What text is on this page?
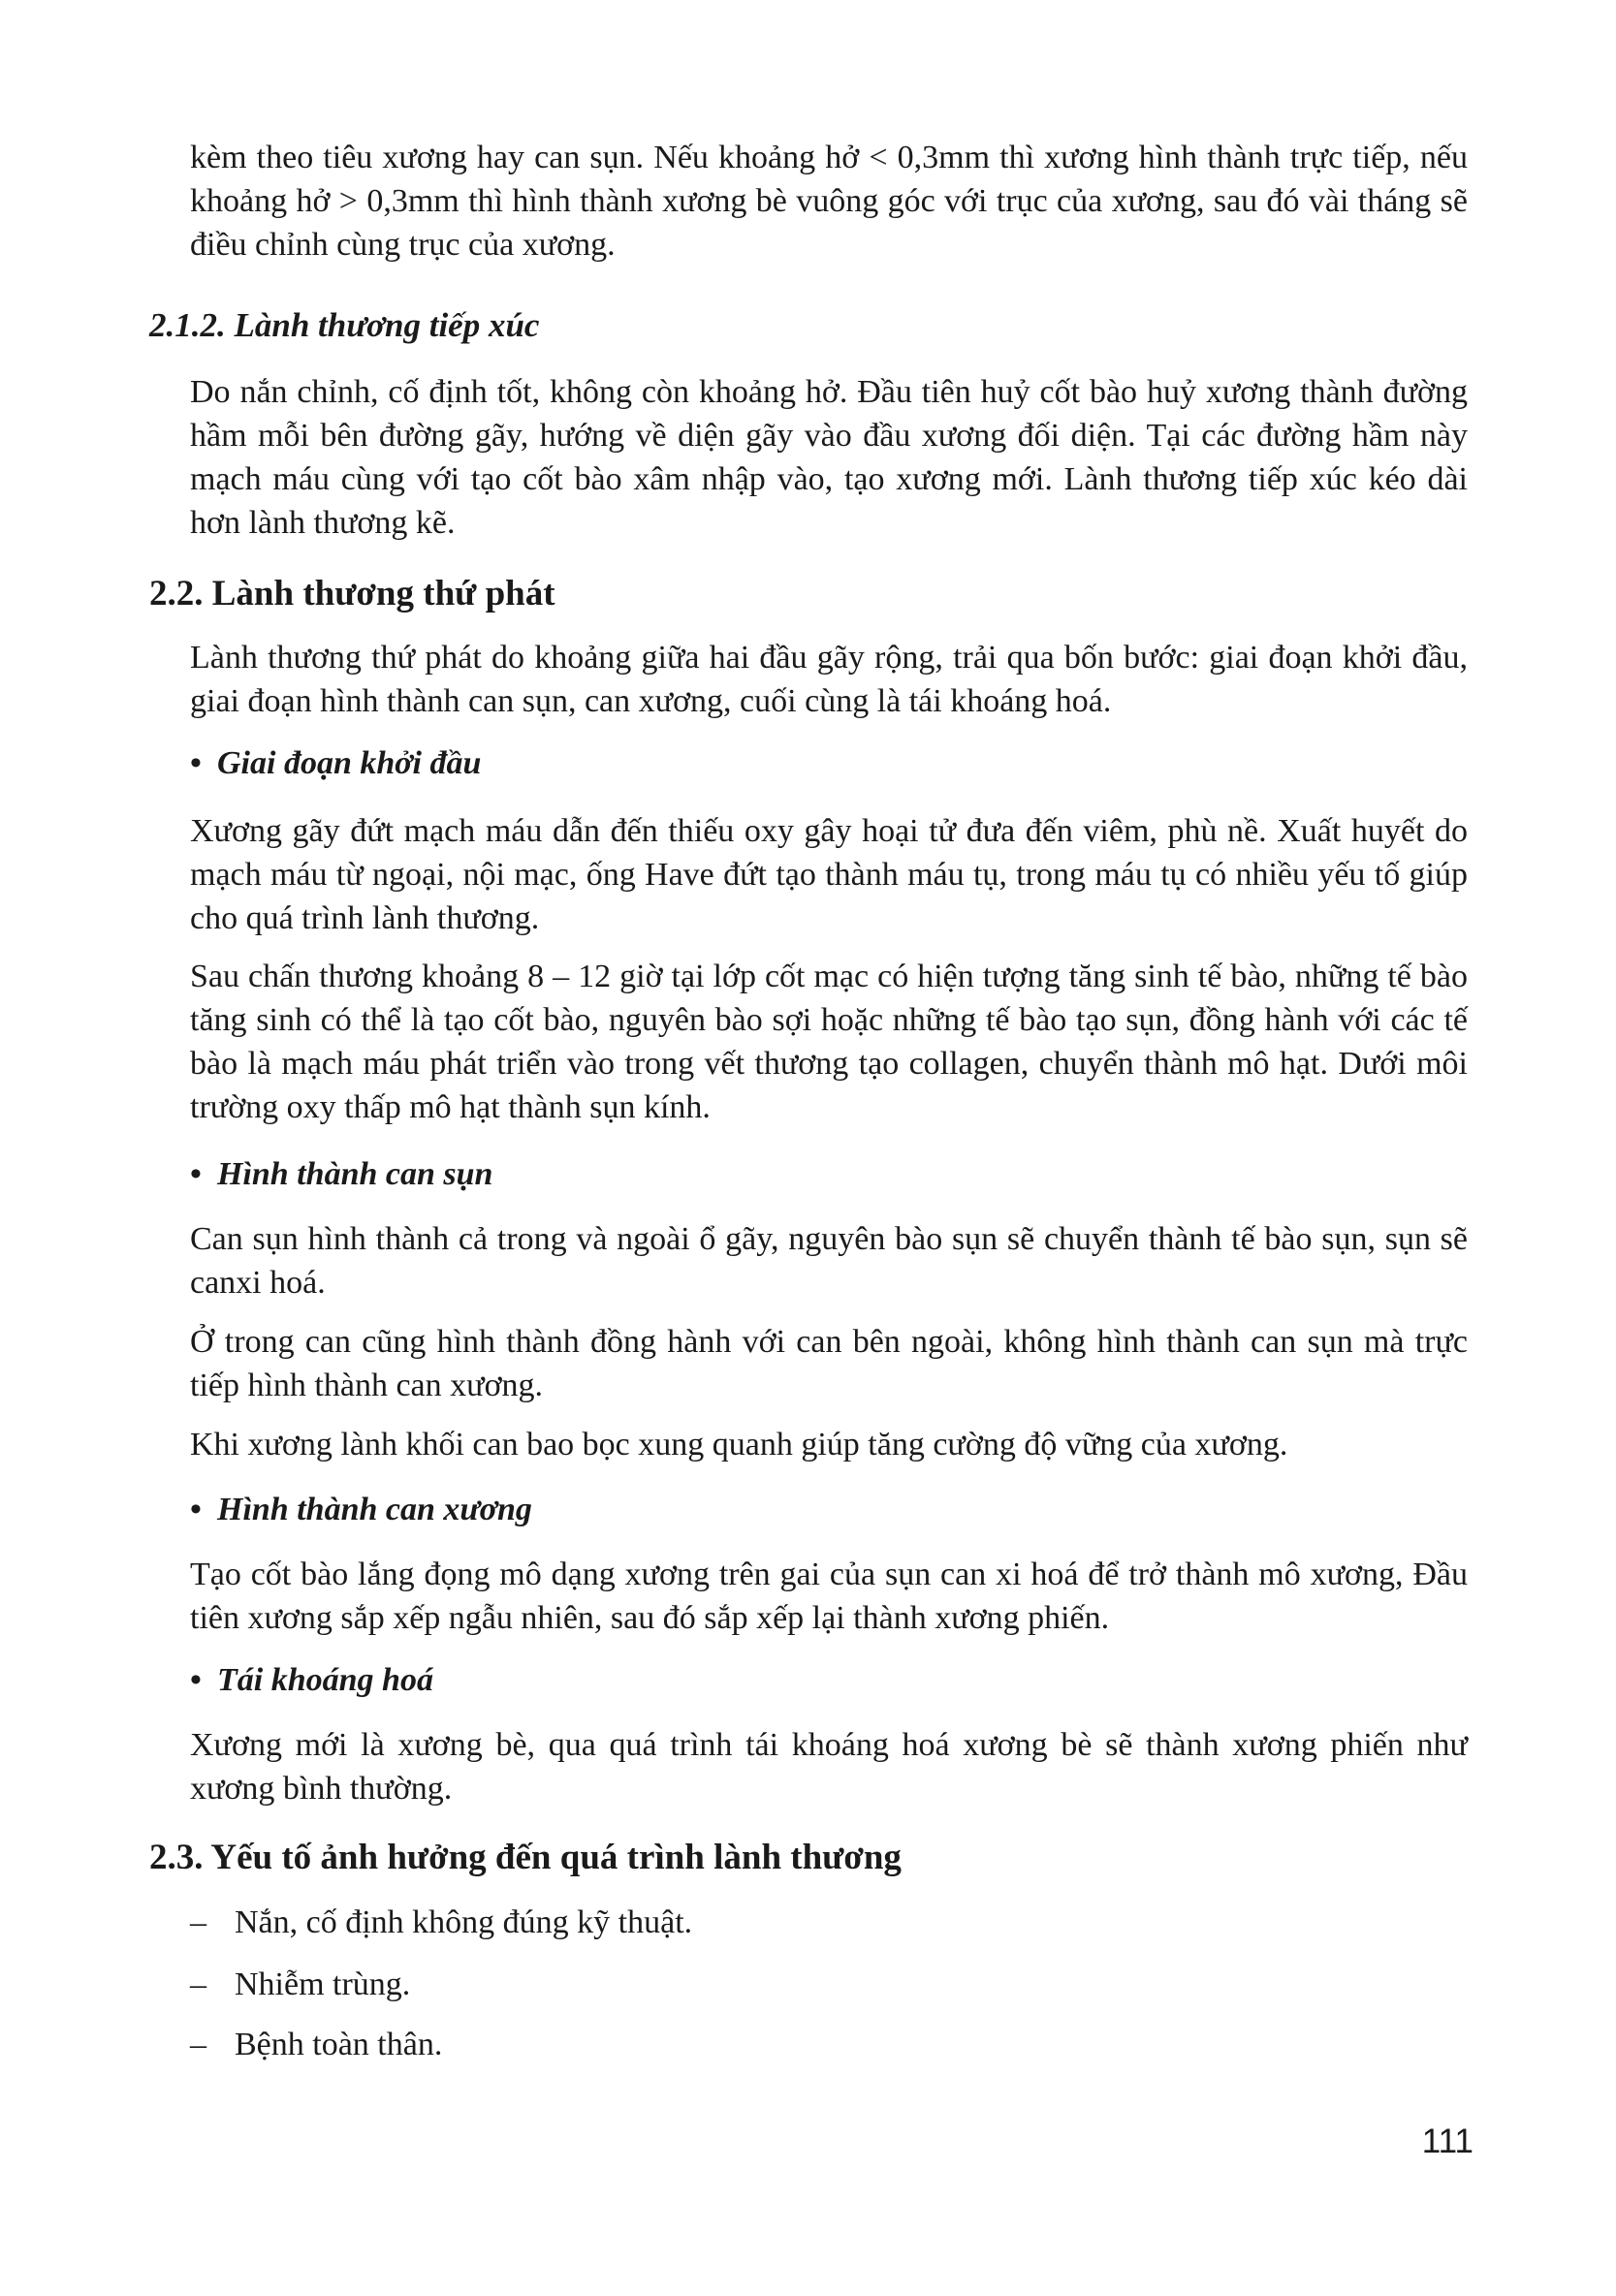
kèm theo tiêu xương hay can sụn. Nếu khoảng hở < 0,3mm thì xương hình thành trực tiếp, nếu khoảng hở > 0,3mm thì hình thành xương bè vuông góc với trục của xương, sau đó vài tháng sẽ điều chỉnh cùng trục của xương.

2.1.2. Lành thương tiếp xúc

Do nắn chỉnh, cố định tốt, không còn khoảng hở. Đầu tiên huỷ cốt bào huỷ xương thành đường hầm mỗi bên đường gãy, hướng về diện gãy vào đầu xương đối diện. Tại các đường hầm này mạch máu cùng với tạo cốt bào xâm nhập vào, tạo xương mới. Lành thương tiếp xúc kéo dài hơn lành thương kẽ.

2.2. Lành thương thứ phát

Lành thương thứ phát do khoảng giữa hai đầu gãy rộng, trải qua bốn bước: giai đoạn khởi đầu, giai đoạn hình thành can sụn, can xương, cuối cùng là tái khoáng hoá.

• Giai đoạn khởi đầu

Xương gãy đứt mạch máu dẫn đến thiếu oxy gây hoại tử đưa đến viêm, phù nề. Xuất huyết do mạch máu từ ngoại, nội mạc, ống Have đứt tạo thành máu tụ, trong máu tụ có nhiều yếu tố giúp cho quá trình lành thương.

Sau chấn thương khoảng 8 – 12 giờ tại lớp cốt mạc có hiện tượng tăng sinh tế bào, những tế bào tăng sinh có thể là tạo cốt bào, nguyên bào sợi hoặc những tế bào tạo sụn, đồng hành với các tế bào là mạch máu phát triển vào trong vết thương tạo collagen, chuyển thành mô hạt. Dưới môi trường oxy thấp mô hạt thành sụn kính.

• Hình thành can sụn

Can sụn hình thành cả trong và ngoài ổ gãy, nguyên bào sụn sẽ chuyển thành tế bào sụn, sụn sẽ canxi hoá.

Ở trong can cũng hình thành đồng hành với can bên ngoài, không hình thành can sụn mà trực tiếp hình thành can xương.

Khi xương lành khối can bao bọc xung quanh giúp tăng cường độ vững của xương.

• Hình thành can xương

Tạo cốt bào lắng đọng mô dạng xương trên gai của sụn can xi hoá để trở thành mô xương, Đầu tiên xương sắp xếp ngẫu nhiên, sau đó sắp xếp lại thành xương phiến.

• Tái khoáng hoá

Xương mới là xương bè, qua quá trình tái khoáng hoá xương bè sẽ thành xương phiến như xương bình thường.

2.3. Yếu tố ảnh hưởng đến quá trình lành thương

– Nắn, cố định không đúng kỹ thuật.

– Nhiễm trùng.

– Bệnh toàn thân.

111
